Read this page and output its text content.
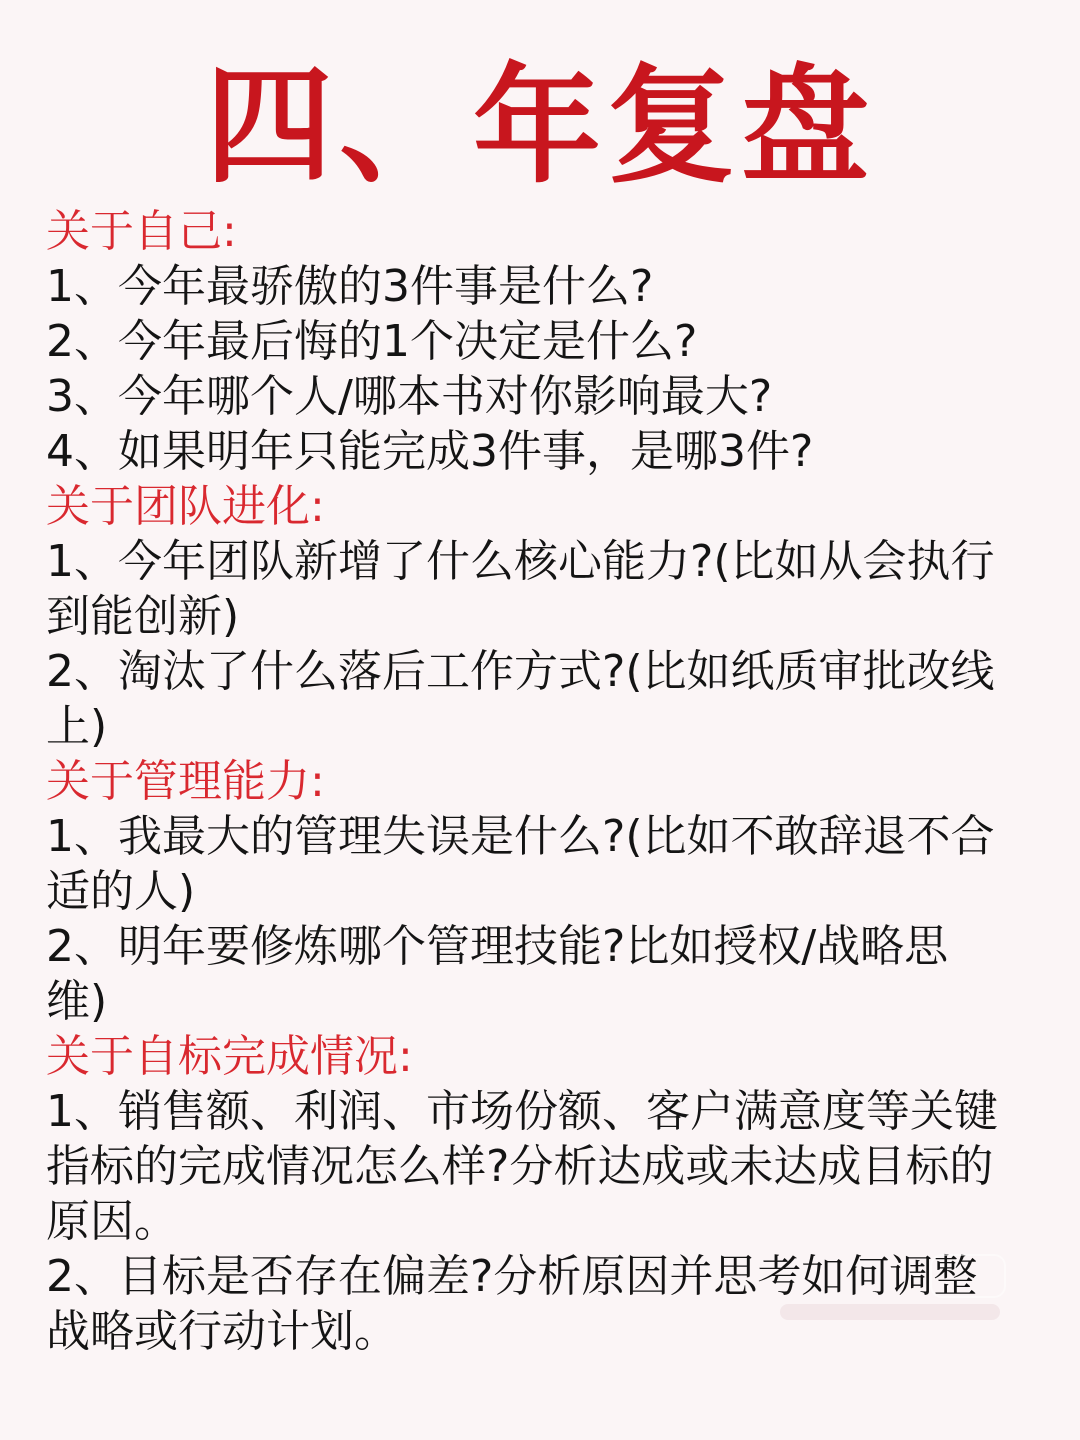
四、年复盘
关于自己:
1、今年最骄傲的3件事是什么?
2、今年最后悔的1个决定是什么?
3、今年哪个人/哪本书对你影响最大?
4、如果明年只能完成3件事，是哪3件?
关于团队进化:
1、今年团队新增了什么核心能力?(比如从会执行到能创新)
2、淘汰了什么落后工作方式?(比如纸质审批改线上)
关于管理能力:
1、我最大的管理失误是什么?(比如不敢辞退不合适的人)
2、明年要修炼哪个管理技能?比如授权/战略思维)
关于自标完成情况:
1、销售额、利润、市场份额、客户满意度等关键指标的完成情况怎么样?分析达成或未达成目标的原因。
2、目标是否存在偏差?分析原因并思考如何调整战略或行动计划。
